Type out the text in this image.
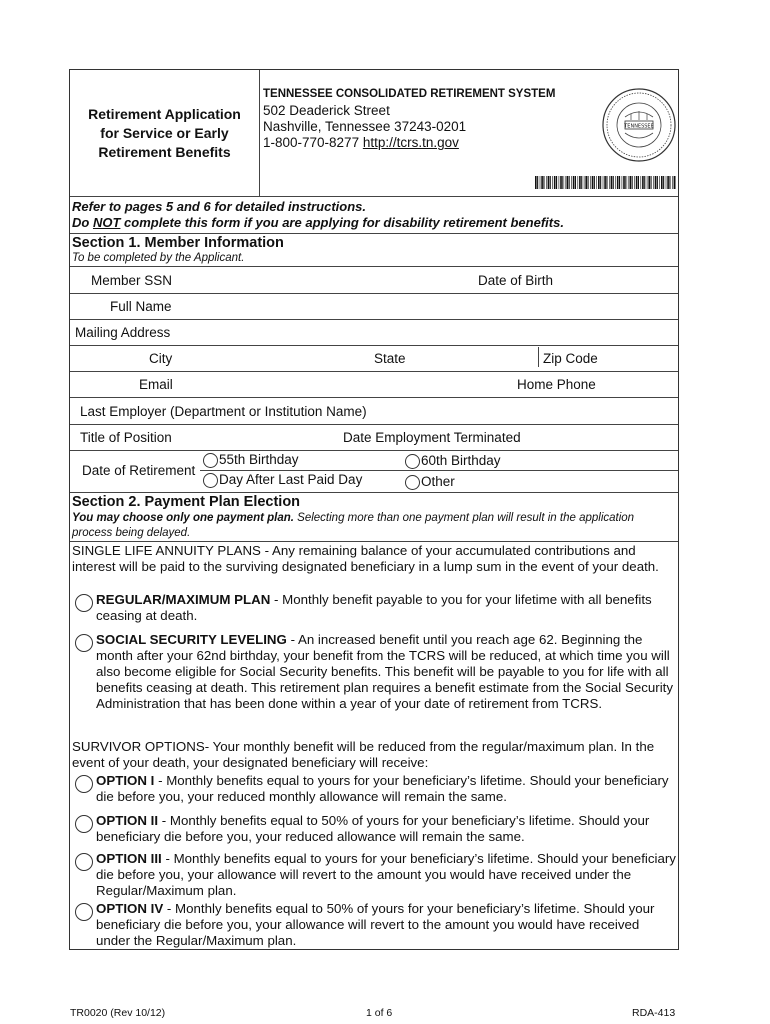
Retirement Application
for Service or Early
Retirement Benefits
TENNESSEE CONSOLIDATED RETIREMENT SYSTEM
502 Deaderick Street
Nashville, Tennessee 37243-0201
1-800-770-8277 http://tcrs.tn.gov
TENNESSEE
Refer to pages 5 and 6 for detailed instructions.
Do NOT complete this form if you are applying for disability retirement benefits.
Section 1. Member Information
To be completed by the Applicant.
Member SSN	Date of Birth
Full Name
Mailing Address
City	State	Zip Code
Email	Home Phone
Last Employer (Department or Institution Name)
Title of Position	Date Employment Terminated
Date of Retirement
55th Birthday	60th Birthday
Day After Last Paid Day	Other
Section 2. Payment Plan Election
You may choose only one payment plan. Selecting more than one payment plan will result in the application process being delayed.
SINGLE LIFE ANNUITY PLANS - Any remaining balance of your accumulated contributions and interest will be paid to the surviving designated beneficiary in a lump sum in the event of your death.
REGULAR/MAXIMUM PLAN - Monthly benefit payable to you for your lifetime with all benefits ceasing at death.
SOCIAL SECURITY LEVELING - An increased benefit until you reach age 62. Beginning the month after your 62nd birthday, your benefit from the TCRS will be reduced, at which time you will also become eligible for Social Security benefits. This benefit will be payable to you for life with all benefits ceasing at death. This retirement plan requires a benefit estimate from the Social Security Administration that has been done within a year of your date of retirement from TCRS.
SURVIVOR OPTIONS- Your monthly benefit will be reduced from the regular/maximum plan. In the event of your death, your designated beneficiary will receive:
OPTION I - Monthly benefits equal to yours for your beneficiary’s lifetime. Should your beneficiary die before you, your reduced monthly allowance will remain the same.
OPTION II - Monthly benefits equal to 50% of yours for your beneficiary’s lifetime. Should your beneficiary die before you, your reduced allowance will remain the same.
OPTION III - Monthly benefits equal to yours for your beneficiary’s lifetime. Should your beneficiary die before you, your allowance will revert to the amount you would have received under the Regular/Maximum plan.
OPTION IV - Monthly benefits equal to 50% of yours for your beneficiary’s lifetime. Should your beneficiary die before you, your allowance will revert to the amount you would have received under the Regular/Maximum plan.
TR0020 (Rev 10/12)	1 of 6	RDA-413
